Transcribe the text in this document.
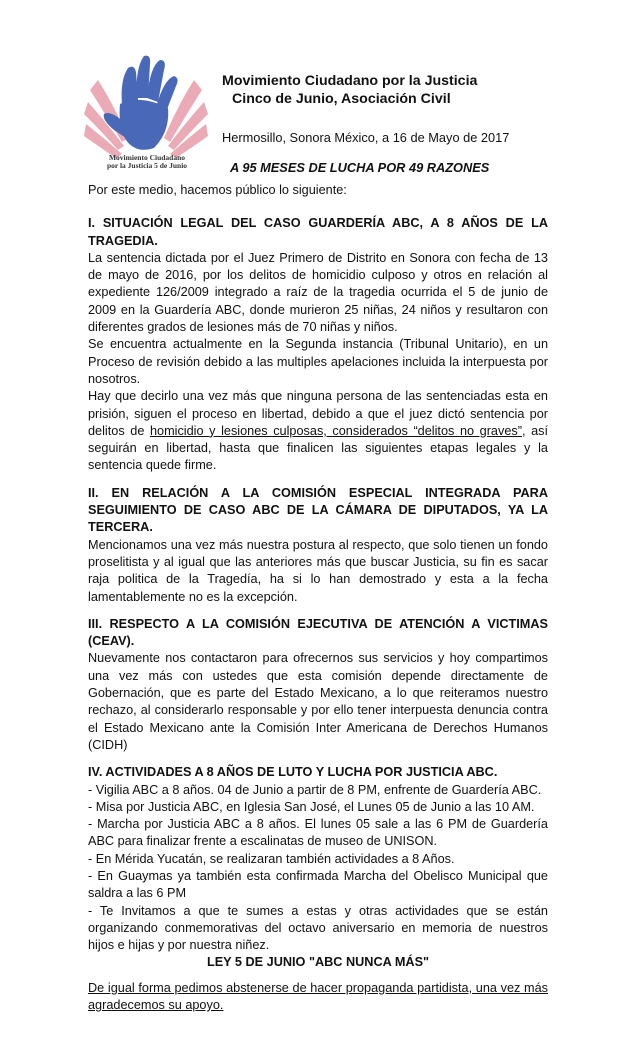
Movimiento Ciudadano
por la Justicia 5 de Junio
Movimiento Ciudadano por la Justicia
Cinco de Junio, Asociación Civil
Hermosillo, Sonora México, a 16 de Mayo de 2017
A 95 MESES DE LUCHA POR 49 RAZONES

Por este medio, hacemos público lo siguiente:

I. SITUACIÓN LEGAL DEL CASO GUARDERÍA ABC, A 8 AÑOS DE LA TRAGEDIA.

La sentencia dictada por el Juez Primero de Distrito en Sonora con fecha de 13 de mayo de 2016, por los delitos de homicidio culposo y otros en relación al expediente 126/2009 integrado a raíz de la tragedia ocurrida el 5 de junio de 2009 en la Guardería ABC, donde murieron 25 niñas, 24 niños y resultaron con diferentes grados de lesiones más de 70 niñas y niños.

Se encuentra actualmente en la Segunda instancia (Tribunal Unitario), en un Proceso de revisión debido a las multiples apelaciones incluida la interpuesta por nosotros.

Hay que decirlo una vez más que ninguna persona de las sentenciadas esta en prisión, siguen el proceso en libertad, debido a que el juez dictó sentencia por delitos de homicidio y lesiones culposas, considerados “delitos no graves”, así seguirán en libertad, hasta que finalicen las siguientes etapas legales y la sentencia quede firme.

II. EN RELACIÓN A LA COMISIÓN ESPECIAL INTEGRADA PARA SEGUIMIENTO DE CASO ABC DE LA CÁMARA DE DIPUTADOS, YA LA TERCERA.

Mencionamos una vez más nuestra postura al respecto, que solo tienen un fondo proselitista y al igual que las anteriores más que buscar Justicia, su fin es sacar raja politica de la Tragedía, ha si lo han demostrado y esta a la fecha lamentablemente no es la excepción.

III. RESPECTO A LA COMISIÓN EJECUTIVA DE ATENCIÓN A VICTIMAS (CEAV).

Nuevamente nos contactaron para ofrecernos sus servicios y hoy compartimos una vez más con ustedes que esta comisión depende directamente de Gobernación, que es parte del Estado Mexicano, a lo que reiteramos nuestro rechazo, al considerarlo responsable y por ello tener interpuesta denuncia contra el Estado Mexicano ante la Comisión Inter Americana de Derechos Humanos (CIDH)

IV. ACTIVIDADES A 8 AÑOS DE LUTO Y LUCHA POR JUSTICIA ABC.

- Vigilia ABC a 8 años. 04 de Junio a partir de 8 PM, enfrente de Guardería ABC.

- Misa por Justicia ABC, en Iglesia San José, el Lunes 05 de Junio a las 10 AM.

- Marcha por Justicia ABC a 8 años. El lunes 05 sale a las 6 PM de Guardería ABC para finalizar frente a escalinatas de museo de UNISON.

- En Mérida Yucatán, se realizaran también actividades a 8 Años.

- En Guaymas ya también esta confirmada Marcha del Obelisco Municipal que saldra a las 6 PM

- Te Invitamos a que te sumes a estas y otras actividades que se están organizando conmemorativas del octavo aniversario en memoria de nuestros hijos e hijas y por nuestra niñez.

LEY 5 DE JUNIO "ABC NUNCA MÁS"

De igual forma pedimos abstenerse de hacer propaganda partidista, una vez más agradecemos su apoyo.
